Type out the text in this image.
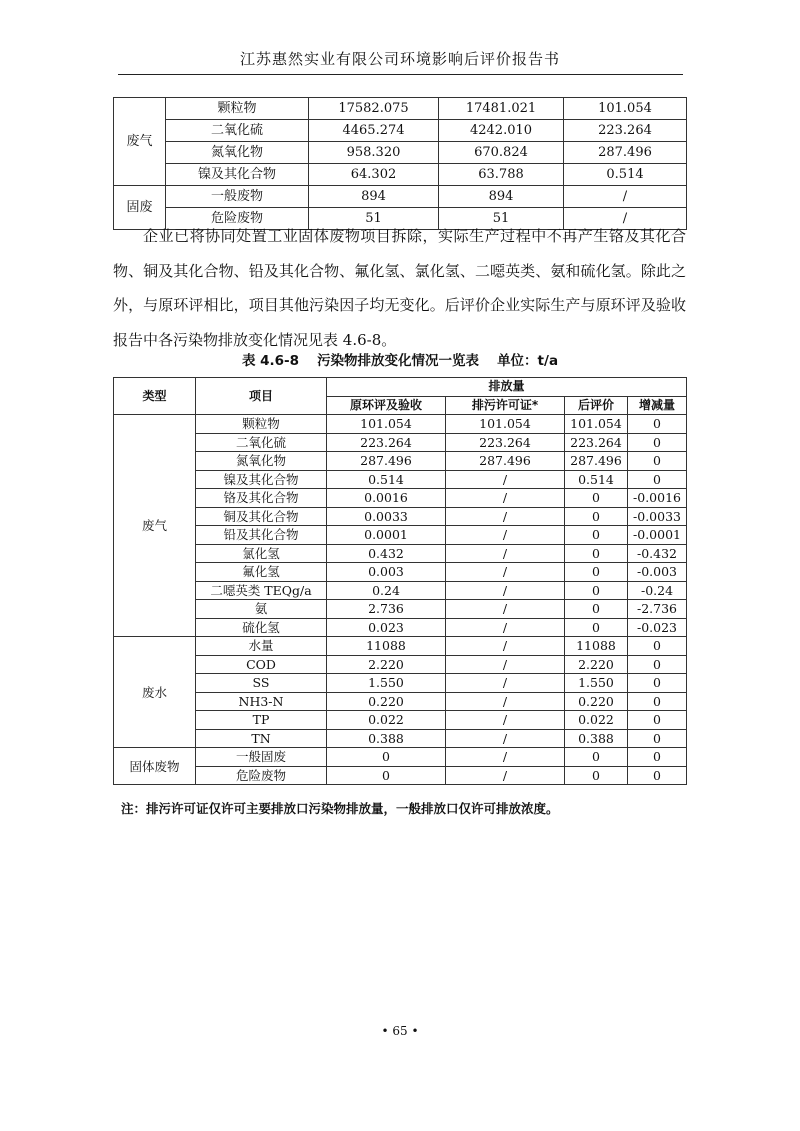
江苏惠然实业有限公司环境影响后评价报告书
废气	颗粒物	17582.075	17481.021	101.054
	二氧化硫	4465.274	4242.010	223.264
	氮氧化物	958.320	670.824	287.496
	镍及其化合物	64.302	63.788	0.514
固废	一般废物	894	894	/
	危险废物	51	51	/

企业已将协同处置工业固体废物项目拆除，实际生产过程中不再产生铬及其化合物、铜及其化合物、铅及其化合物、氟化氢、氯化氢、二噁英类、氨和硫化氢。除此之外，与原环评相比，项目其他污染因子均无变化。后评价企业实际生产与原环评及验收报告中各污染物排放变化情况见表 4.6-8。

表 4.6-8 污染物排放变化情况一览表 单位：t/a
类型	项目	排放量			
		原环评及验收	排污许可证*	后评价	增减量
废气	颗粒物	101.054	101.054	101.054	0
	二氧化硫	223.264	223.264	223.264	0
	氮氧化物	287.496	287.496	287.496	0
	镍及其化合物	0.514	/	0.514	0
	铬及其化合物	0.0016	/	0	-0.0016
	铜及其化合物	0.0033	/	0	-0.0033
	铅及其化合物	0.0001	/	0	-0.0001
	氯化氢	0.432	/	0	-0.432
	氟化氢	0.003	/	0	-0.003
	二噁英类 TEQg/a	0.24	/	0	-0.24
	氨	2.736	/	0	-2.736
	硫化氢	0.023	/	0	-0.023
废水	水量	11088	/	11088	0
	COD	2.220	/	2.220	0
	SS	1.550	/	1.550	0
	NH3-N	0.220	/	0.220	0
	TP	0.022	/	0.022	0
	TN	0.388	/	0.388	0
固体废物	一般固废	0	/	0	0
	危险废物	0	/	0	0
注：排污许可证仅许可主要排放口污染物排放量，一般排放口仅许可排放浓度。
• 65 •
